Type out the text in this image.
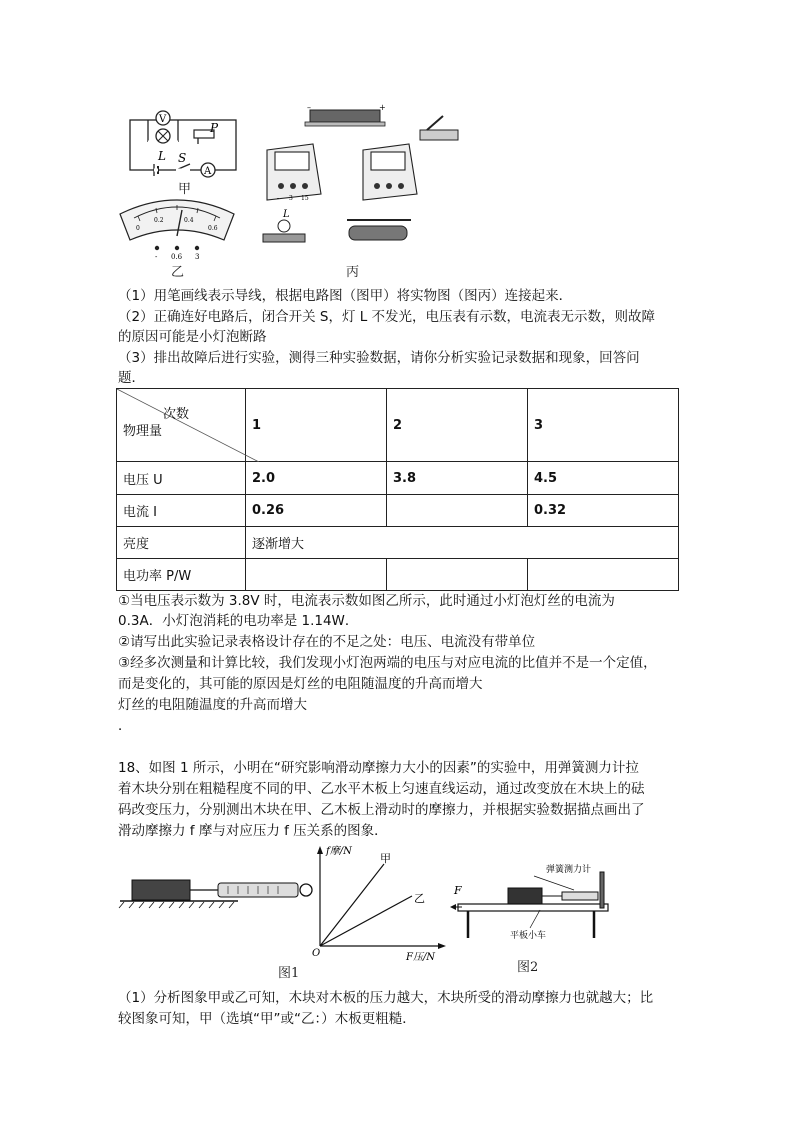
V
A
L
P
S
甲
0
0.2	0.4
0.6
- 0.6 3
乙
–	+
- 3 15
L
丙
（1）用笔画线表示导线，根据电路图（图甲）将实物图（图丙）连接起来．
（2）正确连好电路后，闭合开关 S，灯 L 不发光，电压表有示数，电流表无示数，则故障
的原因可能是小灯泡断路
（3）排出故障后进行实验，测得三种实验数据，请你分析实验记录数据和现象，回答问
题．
次数
物理量	1	2	3
电压 U	2.0	3.8	4.5
电流 I	0.26		0.32
亮度	逐渐增大		
电功率 P/W			
①当电压表示数为 3.8V 时，电流表示数如图乙所示，此时通过小灯泡灯丝的电流为
0.3A．小灯泡消耗的电功率是 1.14W．
②请写出此实验记录表格设计存在的不足之处：电压、电流没有带单位
③经多次测量和计算比较，我们发现小灯泡两端的电压与对应电流的比值并不是一个定值，
而是变化的，其可能的原因是灯丝的电阻随温度的升高而增大
灯丝的电阻随温度的升高而增大
．
18、如图 1 所示，小明在“研究影响滑动摩擦力大小的因素”的实验中，用弹簧测力计拉
着木块分别在粗糙程度不同的甲、乙水平木板上匀速直线运动，通过改变放在木块上的砝
码改变压力，分别测出木块在甲、乙木板上滑动时的摩擦力，并根据实验数据描点画出了
滑动摩擦力 f 摩与对应压力 f 压关系的图象．
f摩/N
F压/N
O
甲
乙
图1
F
弹簧测力计
平板小车
图2
（1）分析图象甲或乙可知，木块对木板的压力越大，木块所受的滑动摩擦力也就越大；比
较图象可知，甲（选填“甲”或“乙：）木板更粗糙．
